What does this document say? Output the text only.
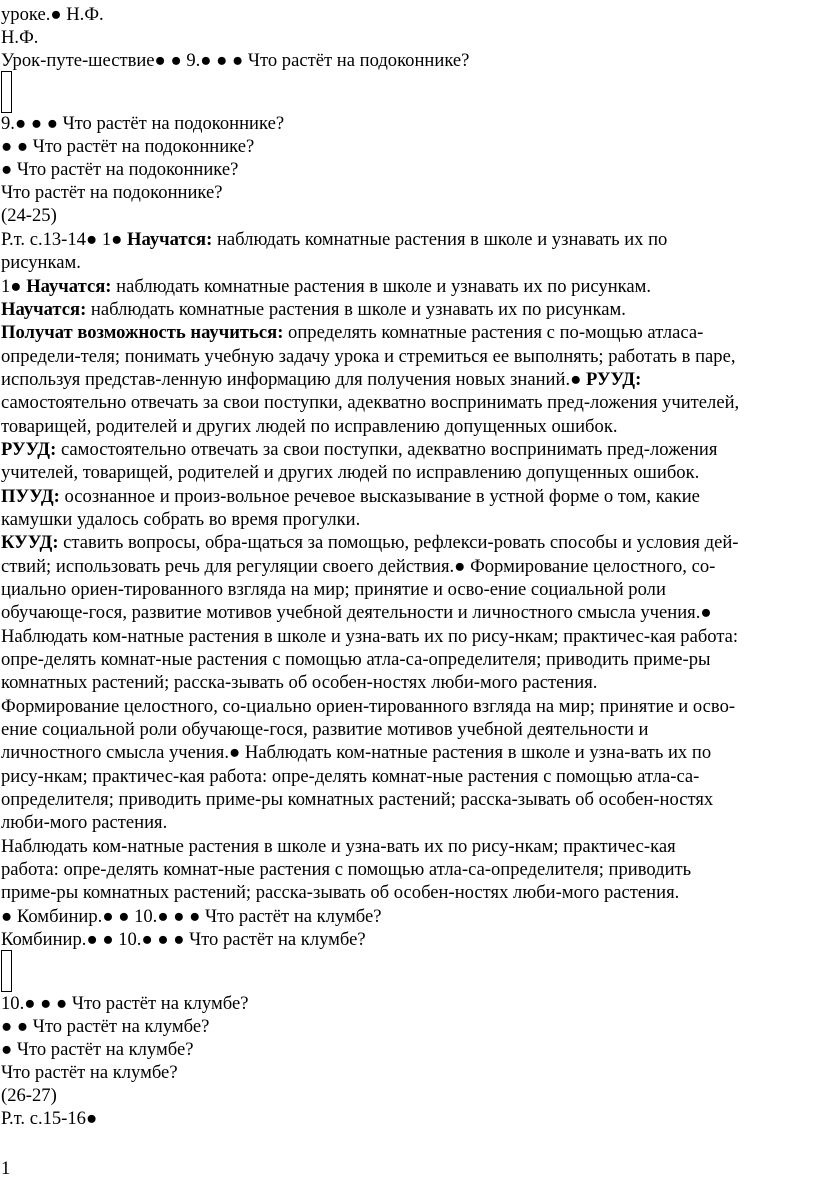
уроке.● Н.Ф.
Н.Ф.
Урок-путе-шествие● ● 9.● ● ● Что растёт на подоконнике?
9.● ● ● Что растёт на подоконнике?
● ● Что растёт на подоконнике?
● Что растёт на подоконнике?
Что растёт на подоконнике?
(24-25)
Р.т. с.13-14● 1● Научатся: наблюдать комнатные растения в школе и узнавать их по
рисункам.
1● Научатся: наблюдать комнатные растения в школе и узнавать их по рисункам.
Научатся: наблюдать комнатные растения в школе и узнавать их по рисункам.
Получат возможность научиться: определять комнатные растения с по-мощью атласа-
определи-теля; понимать учебную задачу урока и стремиться ее выполнять; работать в паре,
используя представ-ленную информацию для получения новых знаний.● РУУД:
самостоятельно отвечать за свои поступки, адекватно воспринимать пред-ложения учителей,
товарищей, родителей и других людей по исправлению допущенных ошибок.
РУУД: самостоятельно отвечать за свои поступки, адекватно воспринимать пред-ложения
учителей, товарищей, родителей и других людей по исправлению допущенных ошибок.
ПУУД: осознанное и произ-вольное речевое высказывание в устной форме о том, какие
камушки удалось собрать во время прогулки.
КУУД: ставить вопросы, обра-щаться за помощью, рефлекси-ровать способы и условия дей-
ствий; использовать речь для регуляции своего действия.● Формирование целостного, со-
циально ориен-тированного взгляда на мир; принятие и осво-ение социальной роли
обучающе-гося, развитие мотивов учебной деятельности и личностного смысла учения.●
Наблюдать ком-натные растения в школе и узна-вать их по рису-нкам; практичес-кая работа:
опре-делять комнат-ные растения с помощью атла-са-определителя; приводить приме-ры
комнатных растений; расска-зывать об особен-ностях люби-мого растения.
Формирование целостного, со-циально ориен-тированного взгляда на мир; принятие и осво-
ение социальной роли обучающе-гося, развитие мотивов учебной деятельности и
личностного смысла учения.● Наблюдать ком-натные растения в школе и узна-вать их по
рису-нкам; практичес-кая работа: опре-делять комнат-ные растения с помощью атла-са-
определителя; приводить приме-ры комнатных растений; расска-зывать об особен-ностях
люби-мого растения.
Наблюдать ком-натные растения в школе и узна-вать их по рису-нкам; практичес-кая
работа: опре-делять комнат-ные растения с помощью атла-са-определителя; приводить
приме-ры комнатных растений; расска-зывать об особен-ностях люби-мого растения.
● Комбинир.● ● 10.● ● ● Что растёт на клумбе?
Комбинир.● ● 10.● ● ● Что растёт на клумбе?
10.● ● ● Что растёт на клумбе?
● ● Что растёт на клумбе?
● Что растёт на клумбе?
Что растёт на клумбе?
(26-27)
Р.т. с.15-16●
1
